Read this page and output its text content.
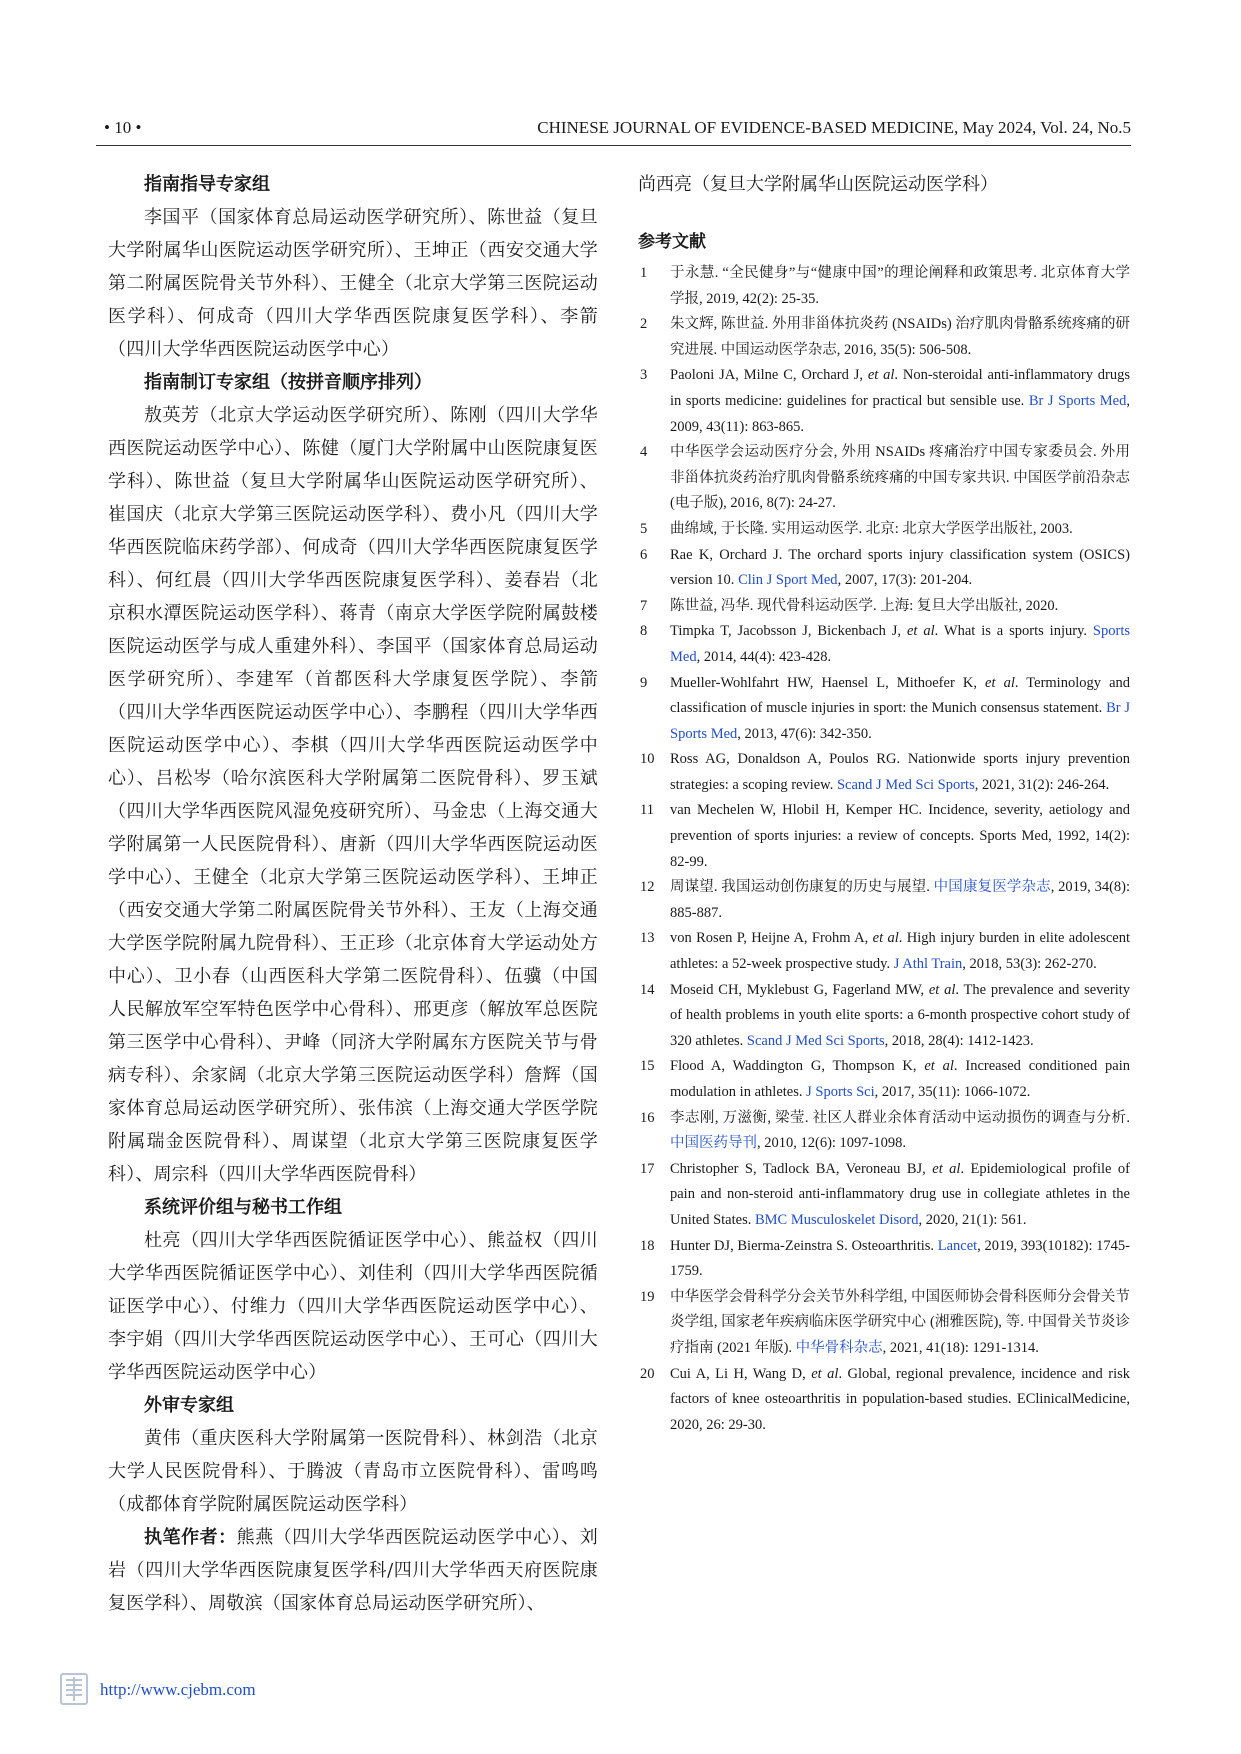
• 10 •	CHINESE JOURNAL OF EVIDENCE-BASED MEDICINE, May 2024, Vol. 24, No.5

指南指导专家组

李国平（国家体育总局运动医学研究所）、陈世益（复旦大学附属华山医院运动医学研究所）、王坤正（西安交通大学第二附属医院骨关节外科）、王健全（北京大学第三医院运动医学科）、何成奇（四川大学华西医院康复医学科）、李箭（四川大学华西医院运动医学中心）

指南制订专家组（按拼音顺序排列）

敖英芳（北京大学运动医学研究所）、陈刚（四川大学华西医院运动医学中心）、陈健（厦门大学附属中山医院康复医学科）、陈世益（复旦大学附属华山医院运动医学研究所）、崔国庆（北京大学第三医院运动医学科）、费小凡（四川大学华西医院临床药学部）、何成奇（四川大学华西医院康复医学科）、何红晨（四川大学华西医院康复医学科）、姜春岩（北京积水潭医院运动医学科）、蒋青（南京大学医学院附属鼓楼医院运动医学与成人重建外科）、李国平（国家体育总局运动医学研究所）、李建军（首都医科大学康复医学院）、李箭（四川大学华西医院运动医学中心）、李鹏程（四川大学华西医院运动医学中心）、李棋（四川大学华西医院运动医学中心）、吕松岑（哈尔滨医科大学附属第二医院骨科）、罗玉斌（四川大学华西医院风湿免疫研究所）、马金忠（上海交通大学附属第一人民医院骨科）、唐新（四川大学华西医院运动医学中心）、王健全（北京大学第三医院运动医学科）、王坤正（西安交通大学第二附属医院骨关节外科）、王友（上海交通大学医学院附属九院骨科）、王正珍（北京体育大学运动处方中心）、卫小春（山西医科大学第二医院骨科）、伍骥（中国人民解放军空军特色医学中心骨科）、邢更彦（解放军总医院第三医学中心骨科）、尹峰（同济大学附属东方医院关节与骨病专科）、余家阔（北京大学第三医院运动医学科）詹辉（国家体育总局运动医学研究所）、张伟滨（上海交通大学医学院附属瑞金医院骨科）、周谋望（北京大学第三医院康复医学科）、周宗科（四川大学华西医院骨科）

系统评价组与秘书工作组

杜亮（四川大学华西医院循证医学中心）、熊益权（四川大学华西医院循证医学中心）、刘佳利（四川大学华西医院循证医学中心）、付维力（四川大学华西医院运动医学中心）、李宇娟（四川大学华西医院运动医学中心）、王可心（四川大学华西医院运动医学中心）

外审专家组

黄伟（重庆医科大学附属第一医院骨科）、林剑浩（北京大学人民医院骨科）、于腾波（青岛市立医院骨科）、雷鸣鸣（成都体育学院附属医院运动医学科）

执笔作者：熊燕（四川大学华西医院运动医学中心）、刘岩（四川大学华西医院康复医学科/四川大学华西天府医院康复医学科）、周敬滨（国家体育总局运动医学研究所）、

尚西亮（复旦大学附属华山医院运动医学科）

参考文献

1	于永慧. “全民健身”与“健康中国”的理论阐释和政策思考. 北京体育大学学报, 2019, 42(2): 25-35.
2	朱文辉, 陈世益. 外用非甾体抗炎药 (NSAIDs) 治疗肌肉骨骼系统疼痛的研究进展. 中国运动医学杂志, 2016, 35(5): 506-508.
3	Paoloni JA, Milne C, Orchard J, et al. Non-steroidal anti-inflammatory drugs in sports medicine: guidelines for practical but sensible use. Br J Sports Med, 2009, 43(11): 863-865.
4	中华医学会运动医疗分会, 外用 NSAIDs 疼痛治疗中国专家委员会. 外用非甾体抗炎药治疗肌肉骨骼系统疼痛的中国专家共识. 中国医学前沿杂志 (电子版), 2016, 8(7): 24-27.
5	曲绵域, 于长隆. 实用运动医学. 北京: 北京大学医学出版社, 2003.
6	Rae K, Orchard J. The orchard sports injury classification system (OSICS) version 10. Clin J Sport Med, 2007, 17(3): 201-204.
7	陈世益, 冯华. 现代骨科运动医学. 上海: 复旦大学出版社, 2020.
8	Timpka T, Jacobsson J, Bickenbach J, et al. What is a sports injury. Sports Med, 2014, 44(4): 423-428.
9	Mueller-Wohlfahrt HW, Haensel L, Mithoefer K, et al. Terminology and classification of muscle injuries in sport: the Munich consensus statement. Br J Sports Med, 2013, 47(6): 342-350.
10	Ross AG, Donaldson A, Poulos RG. Nationwide sports injury prevention strategies: a scoping review. Scand J Med Sci Sports, 2021, 31(2): 246-264.
11	van Mechelen W, Hlobil H, Kemper HC. Incidence, severity, aetiology and prevention of sports injuries: a review of concepts. Sports Med, 1992, 14(2): 82-99.
12	周谋望. 我国运动创伤康复的历史与展望. 中国康复医学杂志, 2019, 34(8): 885-887.
13	von Rosen P, Heijne A, Frohm A, et al. High injury burden in elite adolescent athletes: a 52-week prospective study. J Athl Train, 2018, 53(3): 262-270.
14	Moseid CH, Myklebust G, Fagerland MW, et al. The prevalence and severity of health problems in youth elite sports: a 6-month prospective cohort study of 320 athletes. Scand J Med Sci Sports, 2018, 28(4): 1412-1423.
15	Flood A, Waddington G, Thompson K, et al. Increased conditioned pain modulation in athletes. J Sports Sci, 2017, 35(11): 1066-1072.
16	李志刚, 万滋衡, 梁莹. 社区人群业余体育活动中运动损伤的调查与分析. 中国医药导刊, 2010, 12(6): 1097-1098.
17	Christopher S, Tadlock BA, Veroneau BJ, et al. Epidemiological profile of pain and non-steroid anti-inflammatory drug use in collegiate athletes in the United States. BMC Musculoskelet Disord, 2020, 21(1): 561.
18	Hunter DJ, Bierma-Zeinstra S. Osteoarthritis. Lancet, 2019, 393(10182): 1745-1759.
19	中华医学会骨科学分会关节外科学组, 中国医师协会骨科医师分会骨关节炎学组, 国家老年疾病临床医学研究中心 (湘雅医院), 等. 中国骨关节炎诊疗指南 (2021 年版). 中华骨科杂志, 2021, 41(18): 1291-1314.
20	Cui A, Li H, Wang D, et al. Global, regional prevalence, incidence and risk factors of knee osteoarthritis in population-based studies. EClinicalMedicine, 2020, 26: 29-30.
http://www.cjebm.com
